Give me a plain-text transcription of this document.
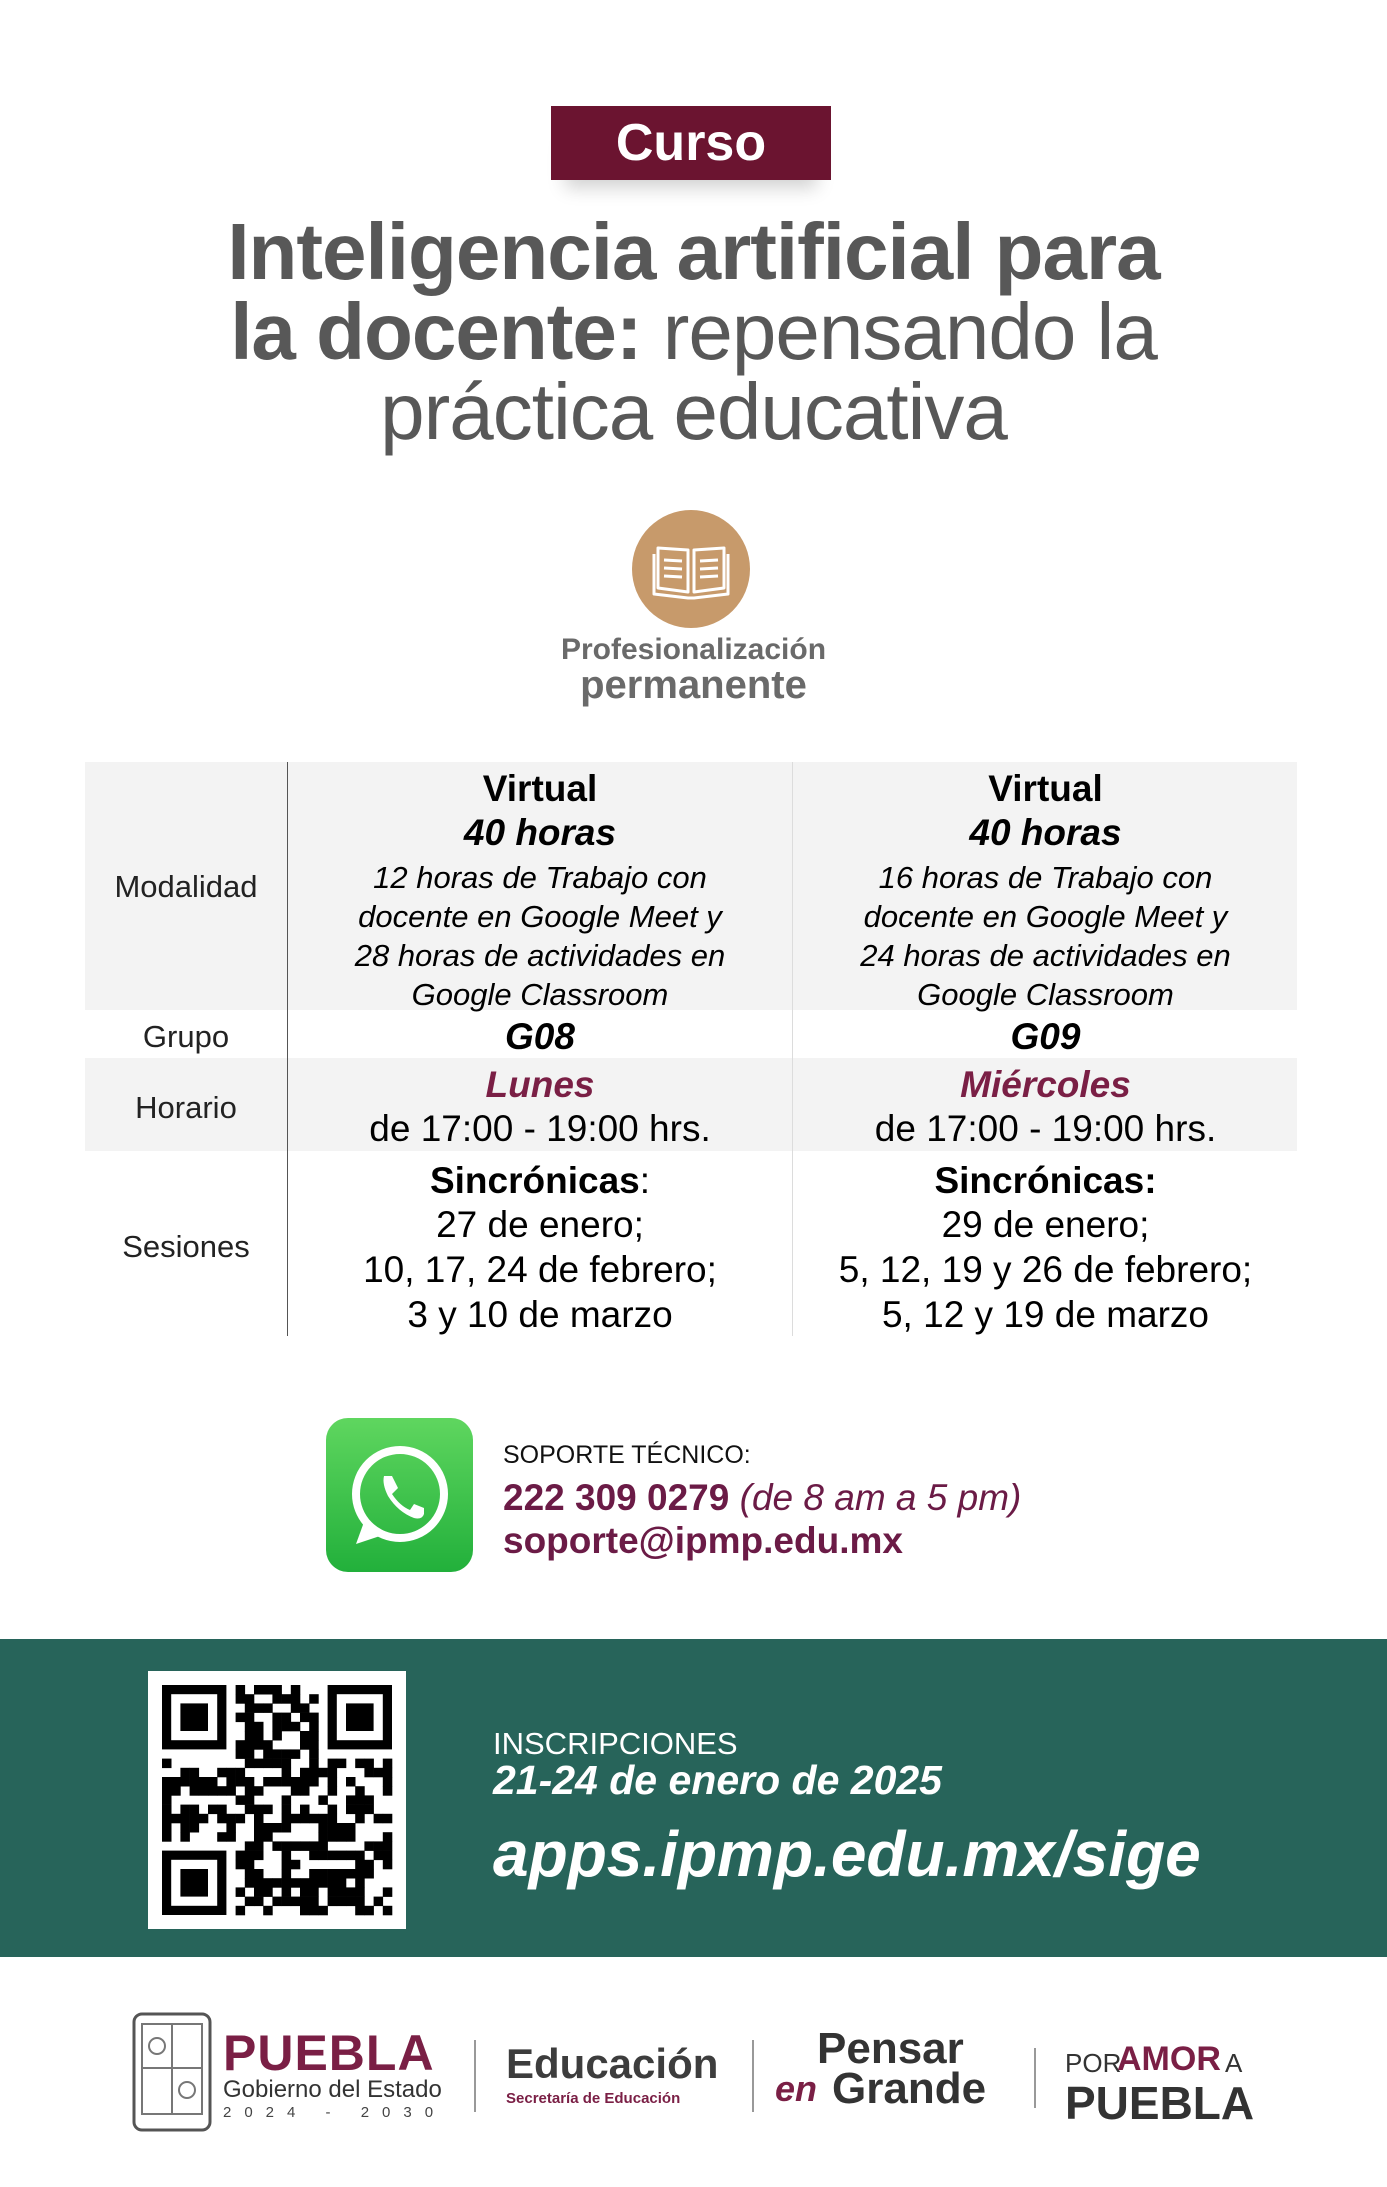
Curso
Inteligencia artificial para
la docente: repensando la
práctica educativa
Profesionalización
permanente
Modalidad
Grupo
Horario
Sesiones
Virtual
40 horas
12 horas de Trabajo con
docente en Google Meet y
28 horas de actividades en
Google Classroom
G08
Lunes
de 17:00 - 19:00 hrs.
Sincrónicas:
27 de enero;
10, 17, 24 de febrero;
3 y 10 de marzo
Virtual
40 horas
16 horas de Trabajo con
docente en Google Meet y
24 horas de actividades en
Google Classroom
G09
Miércoles
de 17:00 - 19:00 hrs.
Sincrónicas:
29 de enero;
5, 12, 19 y 26 de febrero;
5, 12 y 19 de marzo
SOPORTE TÉCNICO:
222 309 0279 (de 8 am a 5 pm)
soporte@ipmp.edu.mx
INSCRIPCIONES
21-24 de enero de 2025
apps.ipmp.edu.mx/sige
PUEBLA
Gobierno del Estado
2024 - 2030
Educación
Secretaría de Educación
Pensar
en Grande
POR
AMOR A
PUEBLA
